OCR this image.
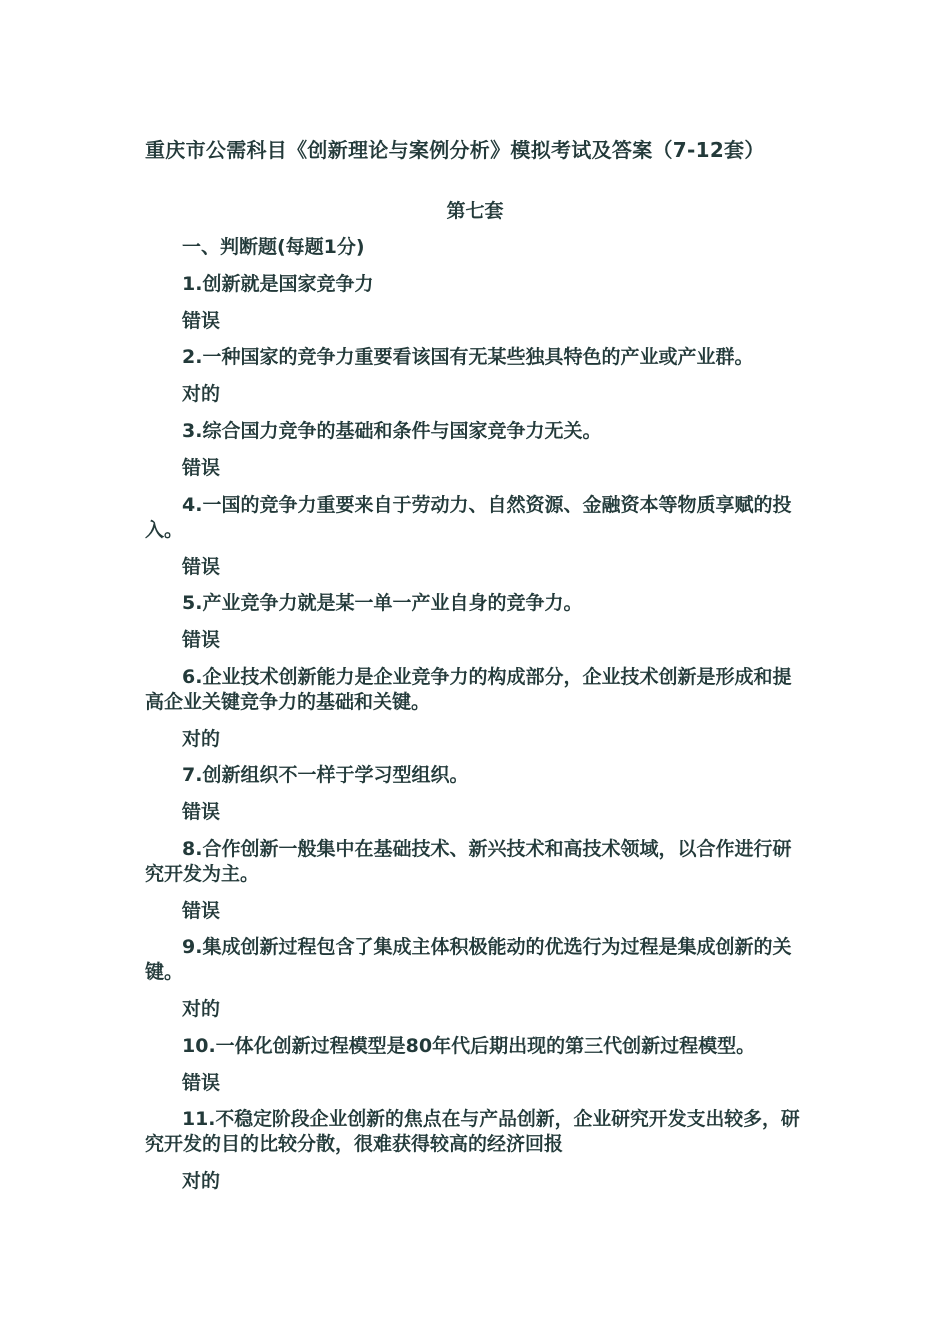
重庆市公需科目《创新理论与案例分析》模拟考试及答案（7-12套）
第七套
一、判断题(每题1分)
1.创新就是国家竞争力
错误
2.一种国家的竞争力重要看该国有无某些独具特色的产业或产业群。
对的
3.综合国力竞争的基础和条件与国家竞争力无关。
错误
4.一国的竞争力重要来自于劳动力、自然资源、金融资本等物质享赋的投
入。
错误
5.产业竞争力就是某一单一产业自身的竞争力。
错误
6.企业技术创新能力是企业竞争力的构成部分，企业技术创新是形成和提
高企业关键竞争力的基础和关键。
对的
7.创新组织不一样于学习型组织。
错误
8.合作创新一般集中在基础技术、新兴技术和高技术领域，以合作进行研
究开发为主。
错误
9.集成创新过程包含了集成主体积极能动的优选行为过程是集成创新的关
键。
对的
10.一体化创新过程模型是80年代后期出现的第三代创新过程模型。
错误
11.不稳定阶段企业创新的焦点在与产品创新，企业研究开发支出较多，研
究开发的目的比较分散，很难获得较高的经济回报
对的
